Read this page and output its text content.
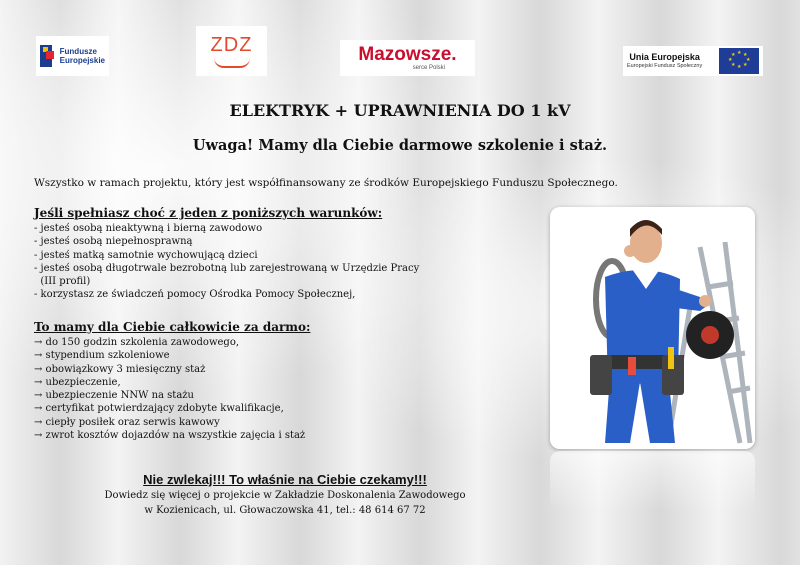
Fundusze
Europejskie
ZDZ	Mazowsze.
serce Polski
Unia Europejska
Europejski Fundusz Społeczny
★ ★
★
★
★
★
★
★
ELEKTRYK + UPRAWNIENIA DO 1 kV
Uwaga! Mamy dla Ciebie darmowe szkolenie i staż.

Wszystko w ramach projektu, który jest współfinansowany ze środków Europejskiego Funduszu Społecznego.

Jeśli spełniasz choć z jeden z poniższych warunków:
- jesteś osobą nieaktywną i bierną zawodowo
- jesteś osobą niepełnosprawną
- jesteś matką samotnie wychowującą dzieci
- jesteś osobą długotrwale bezrobotną lub zarejestrowaną w Urzędzie Pracy
(III profil)
- korzystasz ze świadczeń pomocy Ośrodka Pomocy Społecznej,
To mamy dla Ciebie całkowicie za darmo:
→ do 150 godzin szkolenia zawodowego,
→ stypendium szkoleniowe
→ obowiązkowy 3 miesięczny staż
→ ubezpieczenie,
→ ubezpieczenie NNW na stażu
→ certyfikat potwierdzający zdobyte kwalifikacje,
→ ciepły posiłek oraz serwis kawowy
→ zwrot kosztów dojazdów na wszystkie zajęcia i staż

Nie zwlekaj!!! To właśnie na Ciebie czekamy!!!

Dowiedz się więcej o projekcie w Zakładzie Doskonalenia Zawodowego

w Kozienicach, ul. Głowaczowska 41, tel.: 48 614 67 72
